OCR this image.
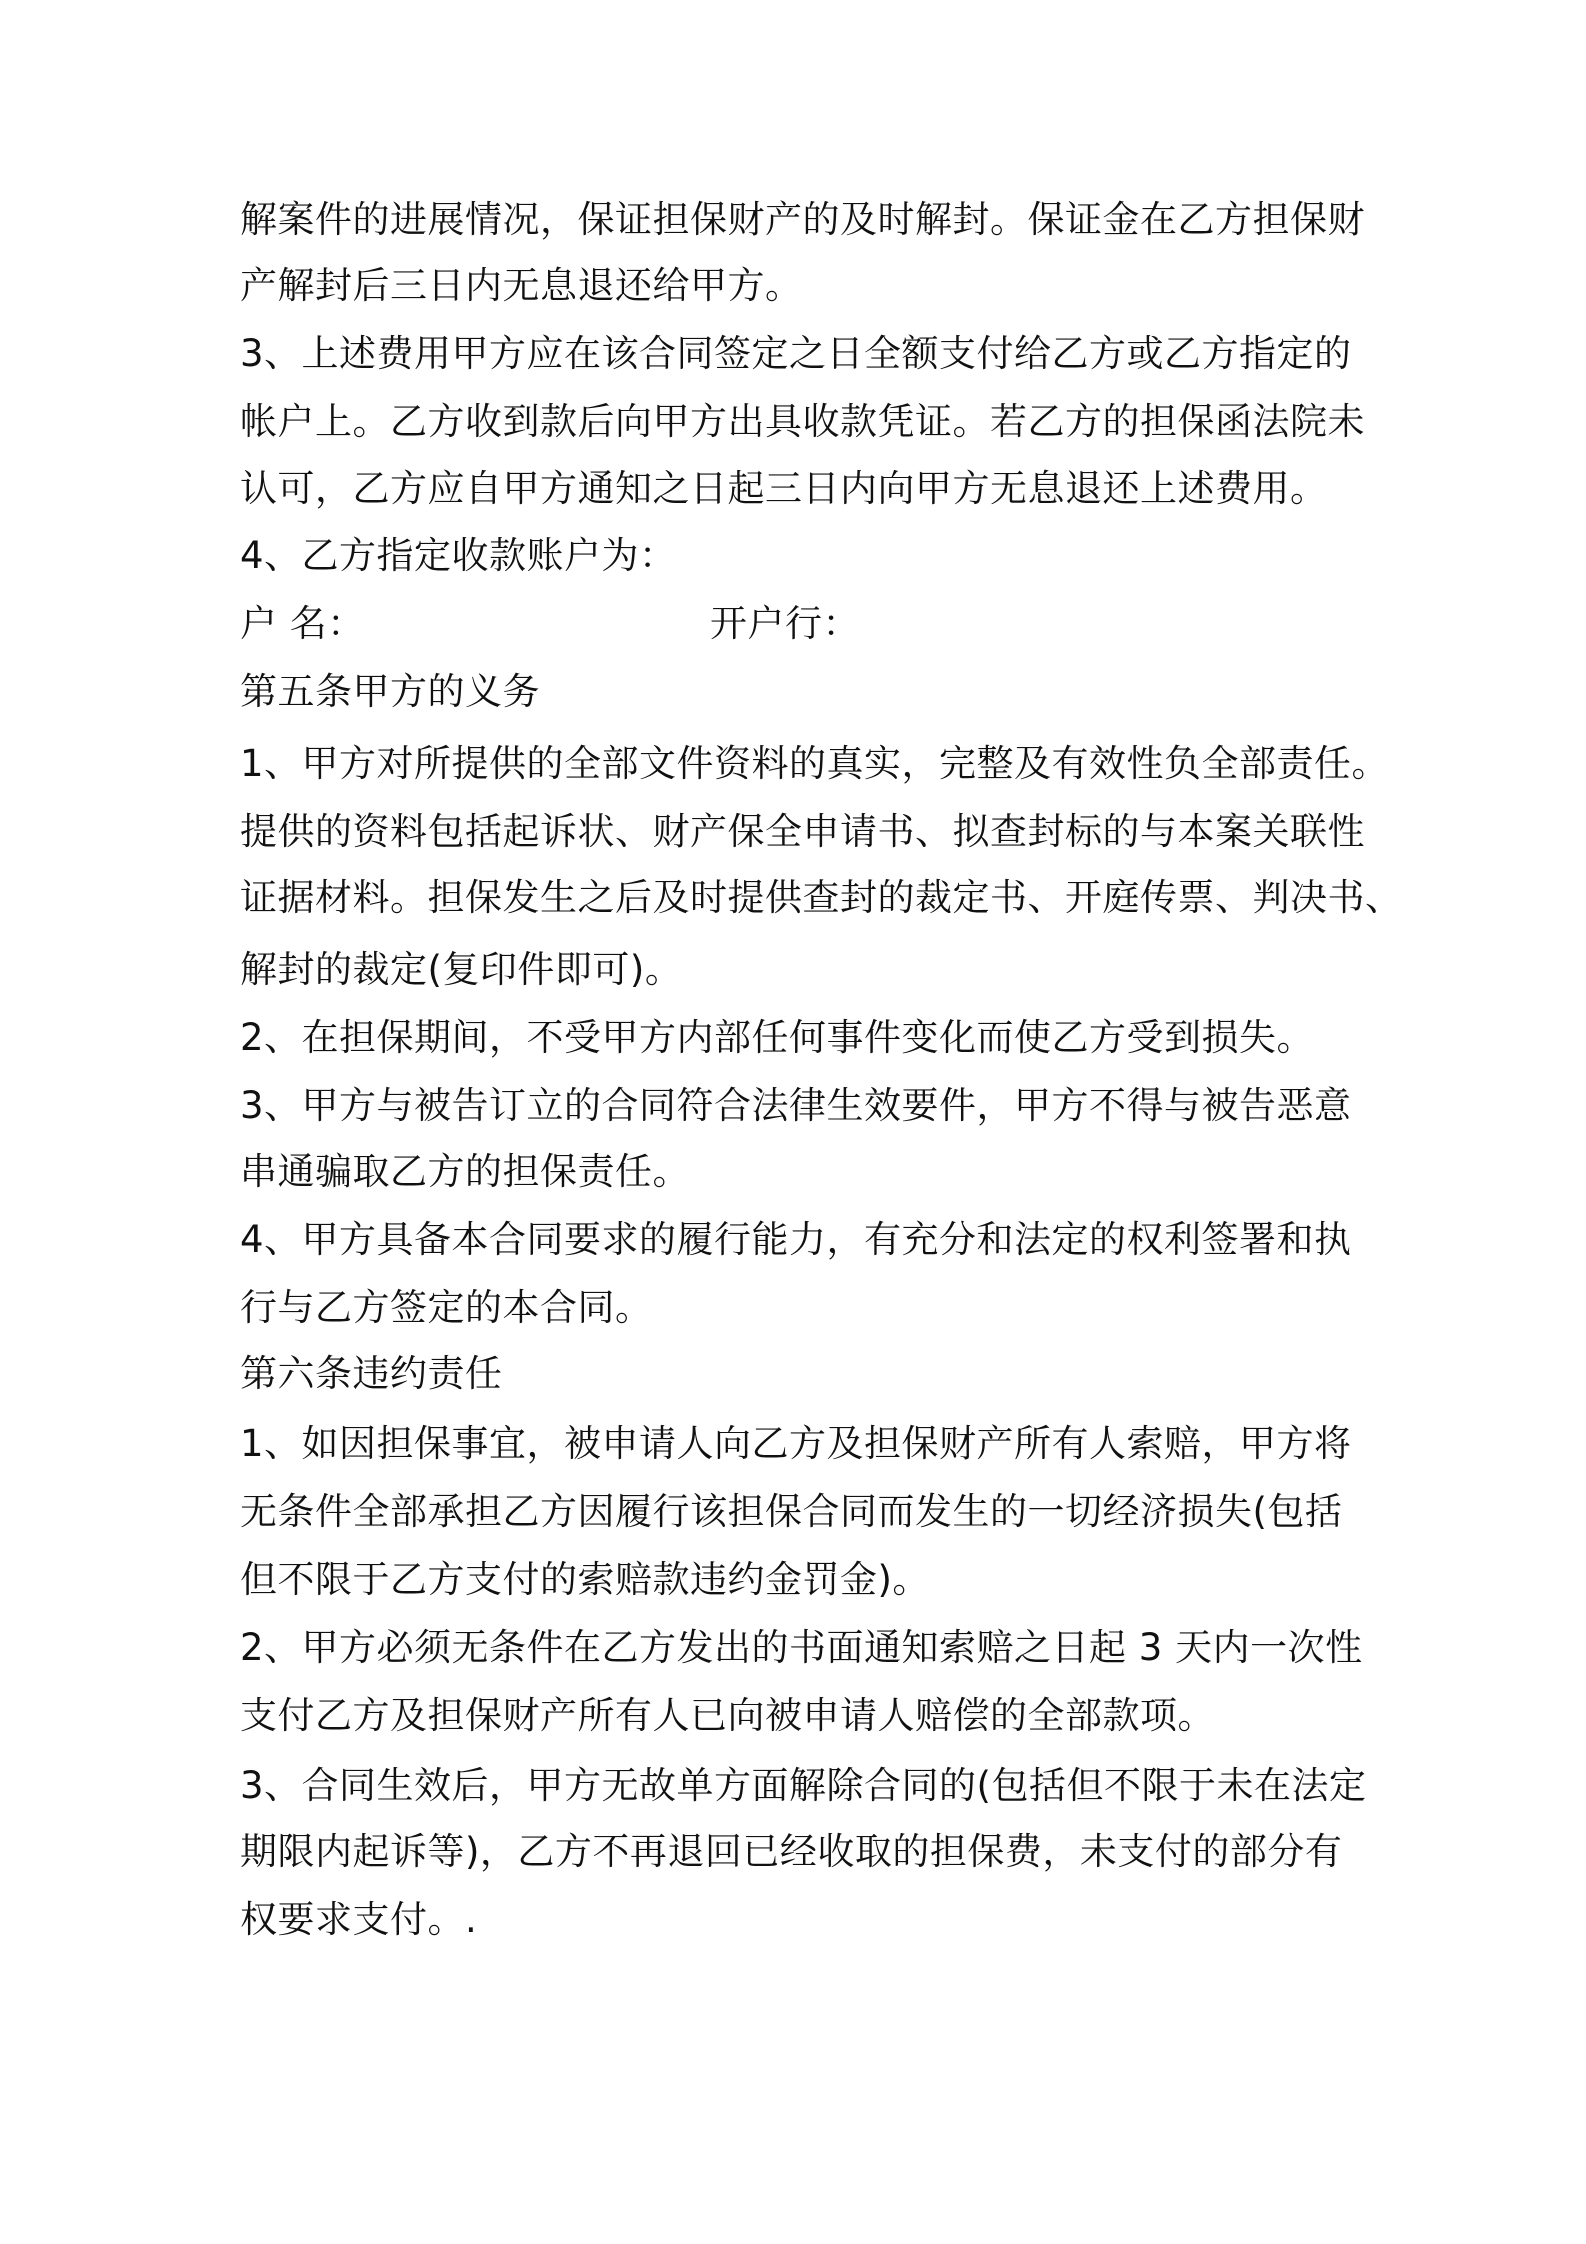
解案件的进展情况，保证担保财产的及时解封。保证金在乙方担保财
产解封后三日内无息退还给甲方。
3、上述费用甲方应在该合同签定之日全额支付给乙方或乙方指定的
帐户上。乙方收到款后向甲方出具收款凭证。若乙方的担保函法院未
认可，乙方应自甲方通知之日起三日内向甲方无息退还上述费用。
4、乙方指定收款账户为：
户 名：	开户行：
第五条甲方的义务
1、甲方对所提供的全部文件资料的真实，完整及有效性负全部责任。
提供的资料包括起诉状、财产保全申请书、拟查封标的与本案关联性
证据材料。担保发生之后及时提供查封的裁定书、开庭传票、判决书、
解封的裁定(复印件即可)。
2、在担保期间，不受甲方内部任何事件变化而使乙方受到损失。
3、甲方与被告订立的合同符合法律生效要件，甲方不得与被告恶意
串通骗取乙方的担保责任。
4、甲方具备本合同要求的履行能力，有充分和法定的权利签署和执
行与乙方签定的本合同。
第六条违约责任
1、如因担保事宜，被申请人向乙方及担保财产所有人索赔，甲方将
无条件全部承担乙方因履行该担保合同而发生的一切经济损失(包括
但不限于乙方支付的索赔款违约金罚金)。
2、甲方必须无条件在乙方发出的书面通知索赔之日起 3 天内一次性
支付乙方及担保财产所有人已向被申请人赔偿的全部款项。
3、合同生效后，甲方无故单方面解除合同的(包括但不限于未在法定
期限内起诉等)，乙方不再退回已经收取的担保费，未支付的部分有
权要求支付。.
